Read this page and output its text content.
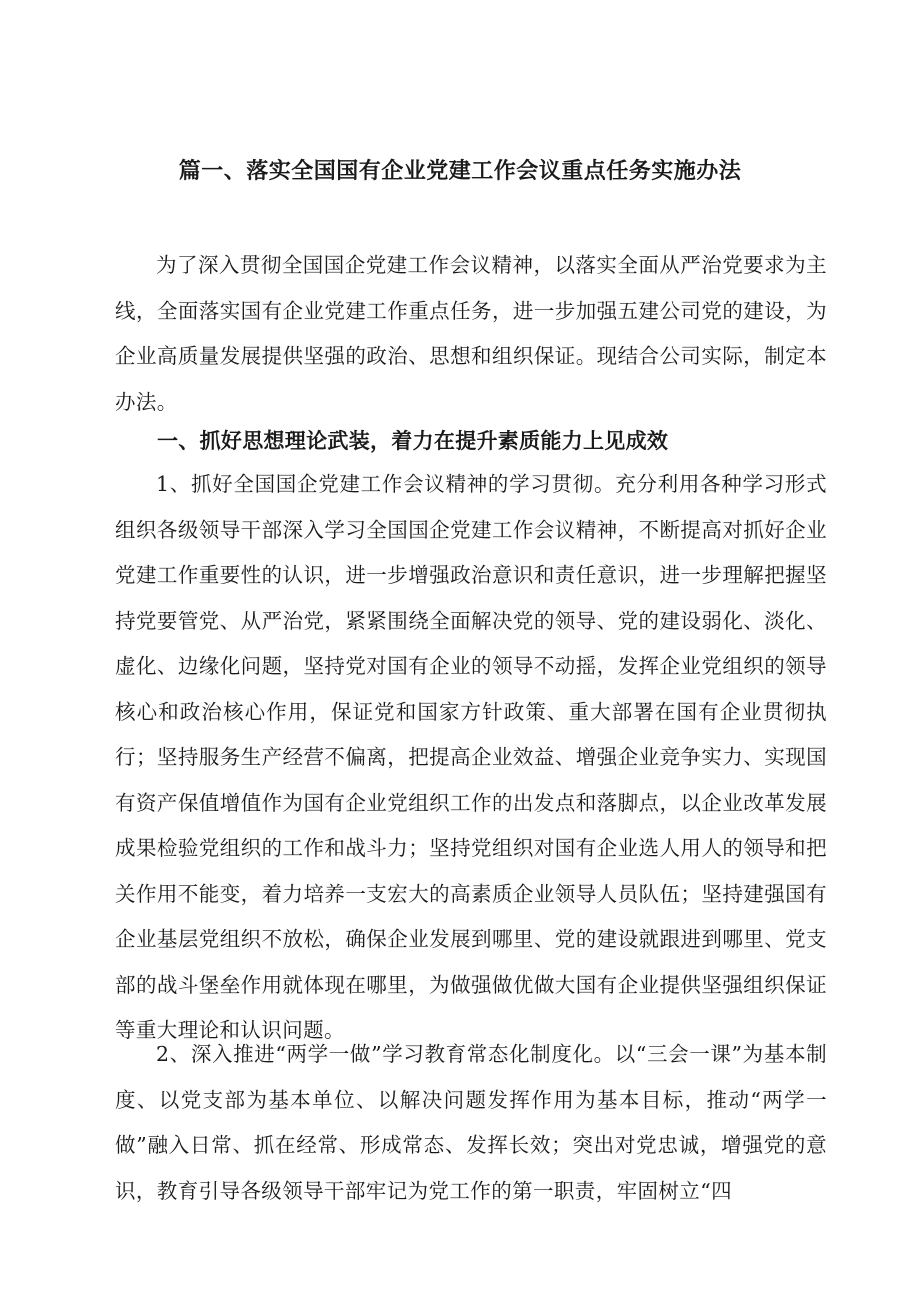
篇一、落实全国国有企业党建工作会议重点任务实施办法

为了深入贯彻全国国企党建工作会议精神，以落实全面从严治党要求为主线，全面落实国有企业党建工作重点任务，进一步加强五建公司党的建设，为企业高质量发展提供坚强的政治、思想和组织保证。现结合公司实际，制定本办法。

一、抓好思想理论武装，着力在提升素质能力上见成效

1、抓好全国国企党建工作会议精神的学习贯彻。充分利用各种学习形式组织各级领导干部深入学习全国国企党建工作会议精神，不断提高对抓好企业党建工作重要性的认识，进一步增强政治意识和责任意识，进一步理解把握坚持党要管党、从严治党，紧紧围绕全面解决党的领导、党的建设弱化、淡化、虚化、边缘化问题，坚持党对国有企业的领导不动摇，发挥企业党组织的领导核心和政治核心作用，保证党和国家方针政策、重大部署在国有企业贯彻执行；坚持服务生产经营不偏离，把提高企业效益、增强企业竞争实力、实现国有资产保值增值作为国有企业党组织工作的出发点和落脚点，以企业改革发展成果检验党组织的工作和战斗力；坚持党组织对国有企业选人用人的领导和把关作用不能变，着力培养一支宏大的高素质企业领导人员队伍；坚持建强国有企业基层党组织不放松，确保企业发展到哪里、党的建设就跟进到哪里、党支部的战斗堡垒作用就体现在哪里，为做强做优做大国有企业提供坚强组织保证等重大理论和认识问题。

2、深入推进“两学一做”学习教育常态化制度化。以“三会一课”为基本制度、以党支部为基本单位、以解决问题发挥作用为基本目标，推动“两学一做”融入日常、抓在经常、形成常态、发挥长效；突出对党忠诚，增强党的意识，教育引导各级领导干部牢记为党工作的第一职责，牢固树立“四
